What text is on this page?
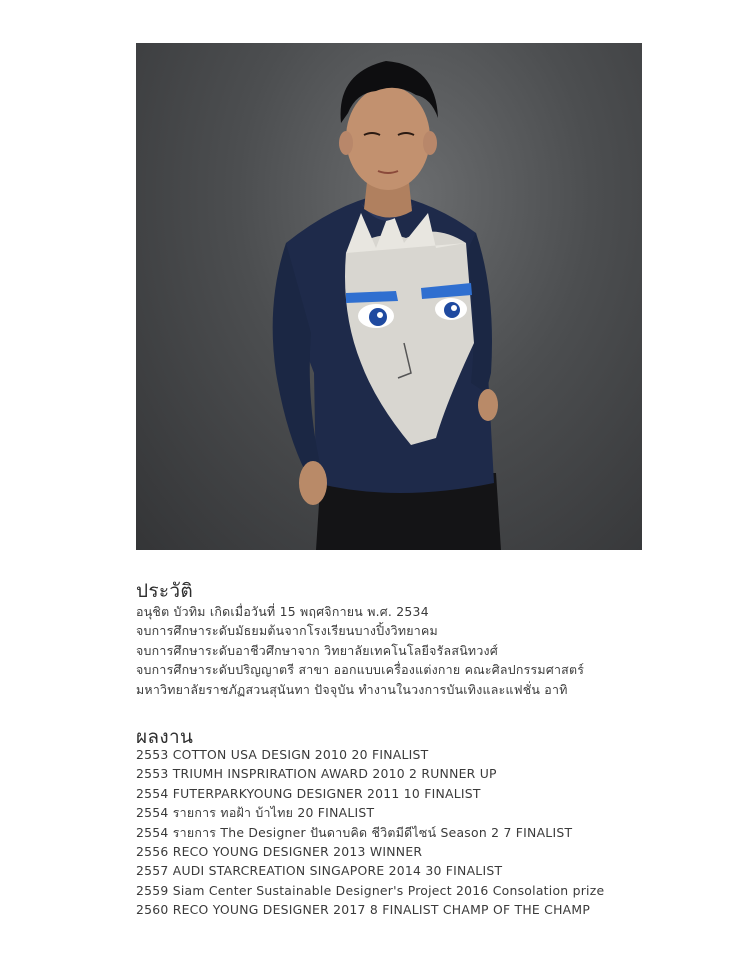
ประวัติ
อนุชิต บัวทิม เกิดเมื่อวันที่ 15 พฤศจิกายน พ.ศ. 2534
จบการศึกษาระดับมัธยมต้นจากโรงเรียนบางปิ้งวิทยาคม
จบการศึกษาระดับอาชีวศึกษาจาก วิทยาลัยเทคโนโลยีจรัลสนิทวงศ์
จบการศึกษาระดับปริญญาตรี สาขา ออกแบบเครื่องแต่งกาย คณะศิลปกรรมศาสตร์
มหาวิทยาลัยราชภัฏสวนสุนันทา ปัจจุบัน ทำงานในวงการบันเทิงและแฟชั่น อาทิ
ผลงาน
2553 COTTON USA DESIGN 2010 20 FINALIST
2553 TRIUMH INSPRIRATION AWARD 2010 2 RUNNER UP
2554 FUTERPARKYOUNG DESIGNER 2011 10 FINALIST
2554 รายการ ทอฝ้า บ้าไทย 20 FINALIST
2554 รายการ The Designer ปันดาบคิด ชีวิตมีดีไซน์ Season 2 7 FINALIST
2556 RECO YOUNG DESIGNER 2013 WINNER
2557 AUDI STARCREATION SINGAPORE 2014 30 FINALIST
2559 Siam Center Sustainable Designer's Project 2016 Consolation prize
2560 RECO YOUNG DESIGNER 2017 8 FINALIST CHAMP OF THE CHAMP
